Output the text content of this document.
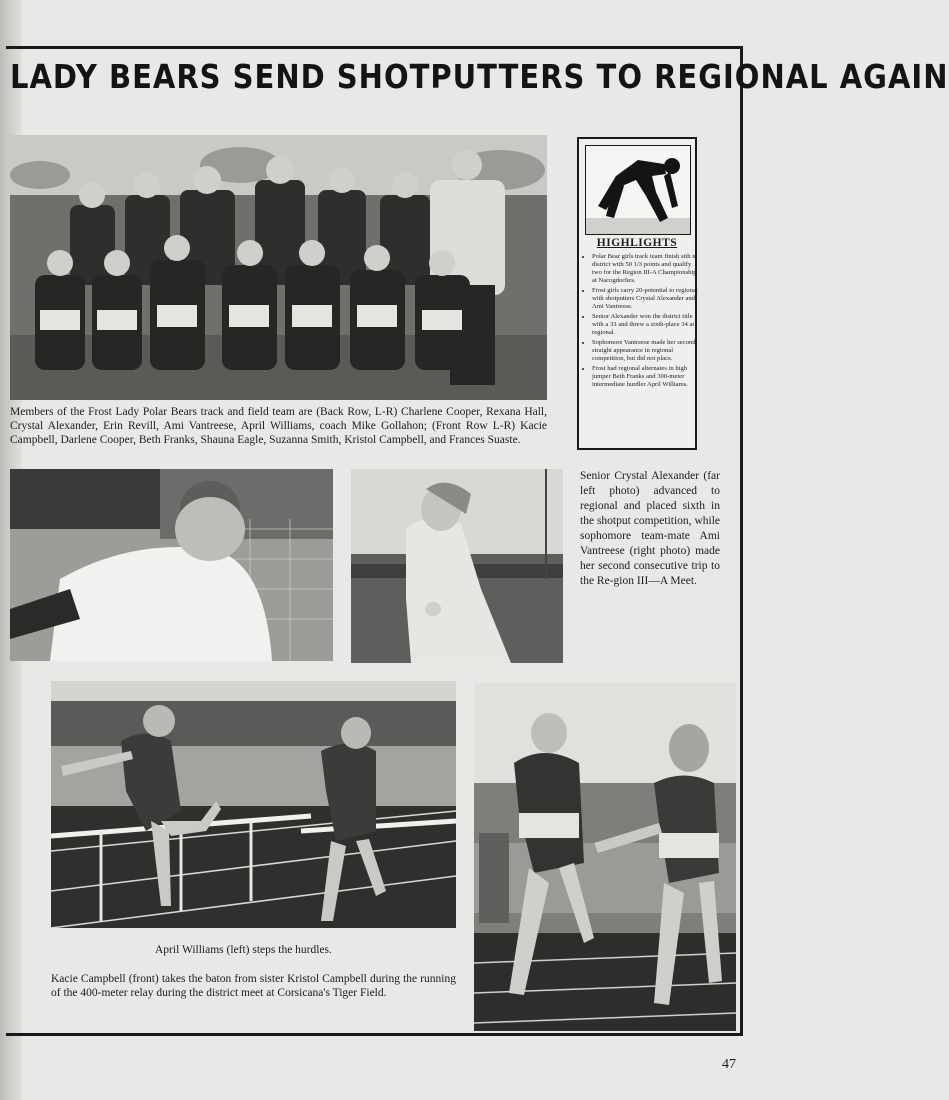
LADY BEARS SEND SHOTPUTTERS TO REGIONAL AGAIN
Members of the Frost Lady Polar Bears track and field team are (Back Row, L-R) Charlene Cooper, Rexana Hall, Crystal Alexander, Erin Revill, Ami Vantreese, April Williams, coach Mike Gollahon; (Front Row L-R) Kacie Campbell, Darlene Cooper, Beth Franks, Shauna Eagle, Suzanna Smith, Kristol Campbell, and Frances Suaste.
HIGHLIGHTS
• Polar Bear girls track team finish sith in district with 50 1/3 points and qualify two for the Region III-A Championship at Nacogdoches.
• Frost girls carry 20-potential to regional with shotputters Crystal Alexander and Ami Vantreese.
• Senior Alexander won the district title with a 33 and threw a sixth-place 34 at regional.
• Sophomore Vantreese made her second straight appearance in regional competition, but did not place.
• Frost had regional alternates in high jumper Beth Franks and 300-meter intermediate hurdler April Williams.
Senior Crystal Alexander (far left photo) advanced to regional and placed sixth in the shotput competition, while sophomore team-mate Ami Vantreese (right photo) made her second consecutive trip to the Re-gion III—A Meet.
April Williams (left) steps the hurdles.
Kacie Campbell (front) takes the baton from sister Kristol Campbell during the running of the 400-meter relay during the district meet at Corsicana's Tiger Field.
47
